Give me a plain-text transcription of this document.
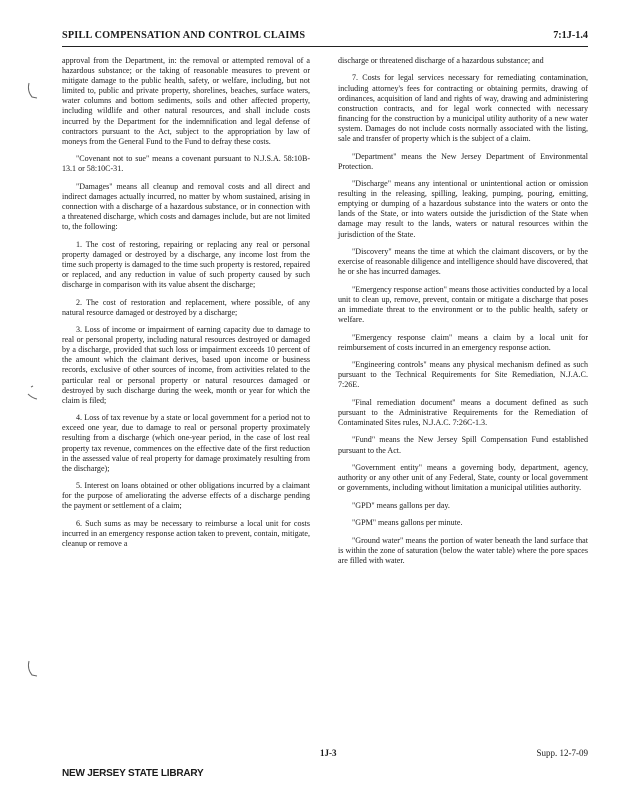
SPILL COMPENSATION AND CONTROL CLAIMS	7:1J-1.4

approval from the Department, in: the removal or attempted removal of a hazardous substance; or the taking of reasonable measures to prevent or mitigate damage to the public health, safety, or welfare, including, but not limited to, public and private property, shorelines, beaches, surface waters, water columns and bottom sediments, soils and other affected property, including wildlife and other natural resources, and shall include costs incurred by the Department for the indemnification and legal defense of contractors pursuant to the Act, subject to the appropriation by law of moneys from the General Fund to the Fund to defray these costs.

"Covenant not to sue" means a covenant pursuant to N.J.S.A. 58:10B-13.1 or 58:10C-31.

"Damages" means all cleanup and removal costs and all direct and indirect damages actually incurred, no matter by whom sustained, arising in connection with a discharge of a hazardous substance, or in connection with a threatened discharge, which costs and damages include, but are not limited to, the following:

1. The cost of restoring, repairing or replacing any real or personal property damaged or destroyed by a discharge, any income lost from the time such property is damaged to the time such property is restored, repaired or replaced, and any reduction in value of such property caused by such discharge in comparison with its value absent the discharge;

2. The cost of restoration and replacement, where possible, of any natural resource damaged or destroyed by a discharge;

3. Loss of income or impairment of earning capacity due to damage to real or personal property, including natural resources destroyed or damaged by a discharge, provided that such loss or impairment exceeds 10 percent of the amount which the claimant derives, based upon income or business records, exclusive of other sources of income, from activities related to the particular real or personal property or natural resources damaged or destroyed by such discharge during the week, month or year for which the claim is filed;

4. Loss of tax revenue by a state or local government for a period not to exceed one year, due to damage to real or personal property proximately resulting from a discharge (which one-year period, in the case of lost real property tax revenue, commences on the effective date of the first reduction in the assessed value of real property for damage proximately resulting from the discharge);

5. Interest on loans obtained or other obligations incurred by a claimant for the purpose of ameliorating the adverse effects of a discharge pending the payment or settlement of a claim;

6. Such sums as may be necessary to reimburse a local unit for costs incurred in an emergency response action taken to prevent, contain, mitigate, cleanup or remove a

discharge or threatened discharge of a hazardous substance; and

7. Costs for legal services necessary for remediating contamination, including attorney's fees for contracting or obtaining permits, drawing of ordinances, acquisition of land and rights of way, drawing and administering construction contracts, and for legal work connected with necessary financing for the construction by a municipal utility authority of a new water system. Damages do not include costs normally associated with the listing, sale and transfer of property which is the subject of a claim.

"Department" means the New Jersey Department of Environmental Protection.

"Discharge" means any intentional or unintentional action or omission resulting in the releasing, spilling, leaking, pumping, pouring, emitting, emptying or dumping of a hazardous substance into the waters or onto the lands of the State, or into waters outside the jurisdiction of the State when damage may result to the lands, waters or natural resources within the jurisdiction of the State.

"Discovery" means the time at which the claimant discovers, or by the exercise of reasonable diligence and intelligence should have discovered, that he or she has incurred damages.

"Emergency response action" means those activities conducted by a local unit to clean up, remove, prevent, contain or mitigate a discharge that poses an immediate threat to the environment or to the public health, safety or welfare.

"Emergency response claim" means a claim by a local unit for reimbursement of costs incurred in an emergency response action.

"Engineering controls" means any physical mechanism defined as such pursuant to the Technical Requirements for Site Remediation, N.J.A.C. 7:26E.

"Final remediation document" means a document defined as such pursuant to the Administrative Requirements for the Remediation of Contaminated Sites rules, N.J.A.C. 7:26C-1.3.

"Fund" means the New Jersey Spill Compensation Fund established pursuant to the Act.

"Government entity" means a governing body, department, agency, authority or any other unit of any Federal, State, county or local government or governments, including without limitation a municipal utilities authority.

"GPD" means gallons per day.

"GPM" means gallons per minute.

"Ground water" means the portion of water beneath the land surface that is within the zone of saturation (below the water table) where the pore spaces are filled with water.

1J-3	Supp. 12-7-09
NEW JERSEY STATE LIBRARY
